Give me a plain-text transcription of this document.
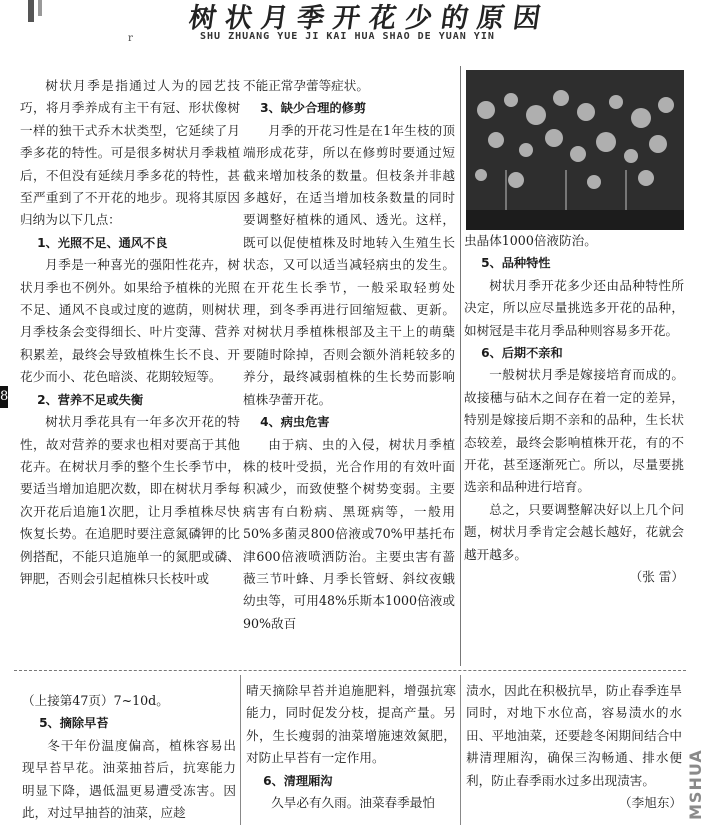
树状月季开花少的原因
r	SHU ZHUANG YUE JI KAI HUA SHAO DE YUAN YIN
8

树状月季是指通过人为的园艺技巧，将月季养成有主干有冠、形状像树一样的独干式乔木状类型，它延续了月季多花的特性。可是很多树状月季栽植后，不但没有延续月季多花的特性，甚至严重到了不开花的地步。现将其原因归纳为以下几点：

1、光照不足、通风不良

月季是一种喜光的强阳性花卉，树状月季也不例外。如果给予植株的光照不足、通风不良或过度的遮荫，则树状月季枝条会变得细长、叶片变薄、营养积累差，最终会导致植株生长不良、开花少而小、花色暗淡、花期较短等。

2、营养不足或失衡

树状月季花具有一年多次开花的特性，故对营养的要求也相对要高于其他花卉。在树状月季的整个生长季节中，要适当增加追肥次数，即在树状月季每次开花后追施1次肥，让月季植株尽快恢复长势。在追肥时要注意氮磷钾的比例搭配，不能只追施单一的氮肥或磷、钾肥，否则会引起植株只长枝叶或

不能正常孕蕾等症状。
3、缺少合理的修剪

月季的开花习性是在1年生枝的顶端形成花芽，所以在修剪时要通过短截来增加枝条的数量。但枝条并非越多越好，在适当增加枝条数量的同时要调整好植株的通风、透光。这样，既可以促使植株及时地转入生殖生长状态，又可以适当减轻病虫的发生。在开花生长季节，一般采取轻剪处理，到冬季再进行回缩短截、更新。对树状月季植株根部及主干上的萌蘖要随时除掉，否则会额外消耗较多的养分，最终减弱植株的生长势而影响植株孕蕾开花。

4、病虫危害

由于病、虫的入侵，树状月季植株的枝叶受损，光合作用的有效叶面积减少，而致使整个树势变弱。主要病害有白粉病、黑斑病等，一般用50%多菌灵800倍液或70%甲基托布津600倍液喷洒防治。主要虫害有蔷薇三节叶蜂、月季长管蚜、斜纹夜蛾幼虫等，可用48%乐斯本1000倍液或90%敌百

虫晶体1000倍液防治。
5、品种特性

树状月季开花多少还由品种特性所决定，所以应尽量挑选多开花的品种，如树冠是丰花月季品种则容易多开花。

6、后期不亲和

一般树状月季是嫁接培育而成的。故接穗与砧木之间存在着一定的差异，特别是嫁接后期不亲和的品种，生长状态较差，最终会影响植株开花，有的不开花，甚至逐渐死亡。所以，尽量要挑选亲和品种进行培育。

总之，只要调整解决好以上几个问题，树状月季肯定会越长越好，花就会越开越多。

（张 雷）
（上接第47页）7~10d。
5、摘除早苔

冬干年份温度偏高，植株容易出现早苔早花。油菜抽苔后，抗寒能力明显下降，遇低温更易遭受冻害。因此，对过早抽苔的油菜，应趁

晴天摘除早苔并追施肥料，增强抗寒能力，同时促发分枝，提高产量。另外，生长瘦弱的油菜增施速效氮肥，对防止早苔有一定作用。
6、清理厢沟

久旱必有久雨。油菜春季最怕

渍水，因此在积极抗旱，防止春季连旱同时，对地下水位高，容易渍水的水田、平地油菜，还要趁冬闲期间结合中耕清理厢沟，确保三沟畅通、排水便利，防止春季雨水过多出现渍害。
（李旭东） MSHUA
